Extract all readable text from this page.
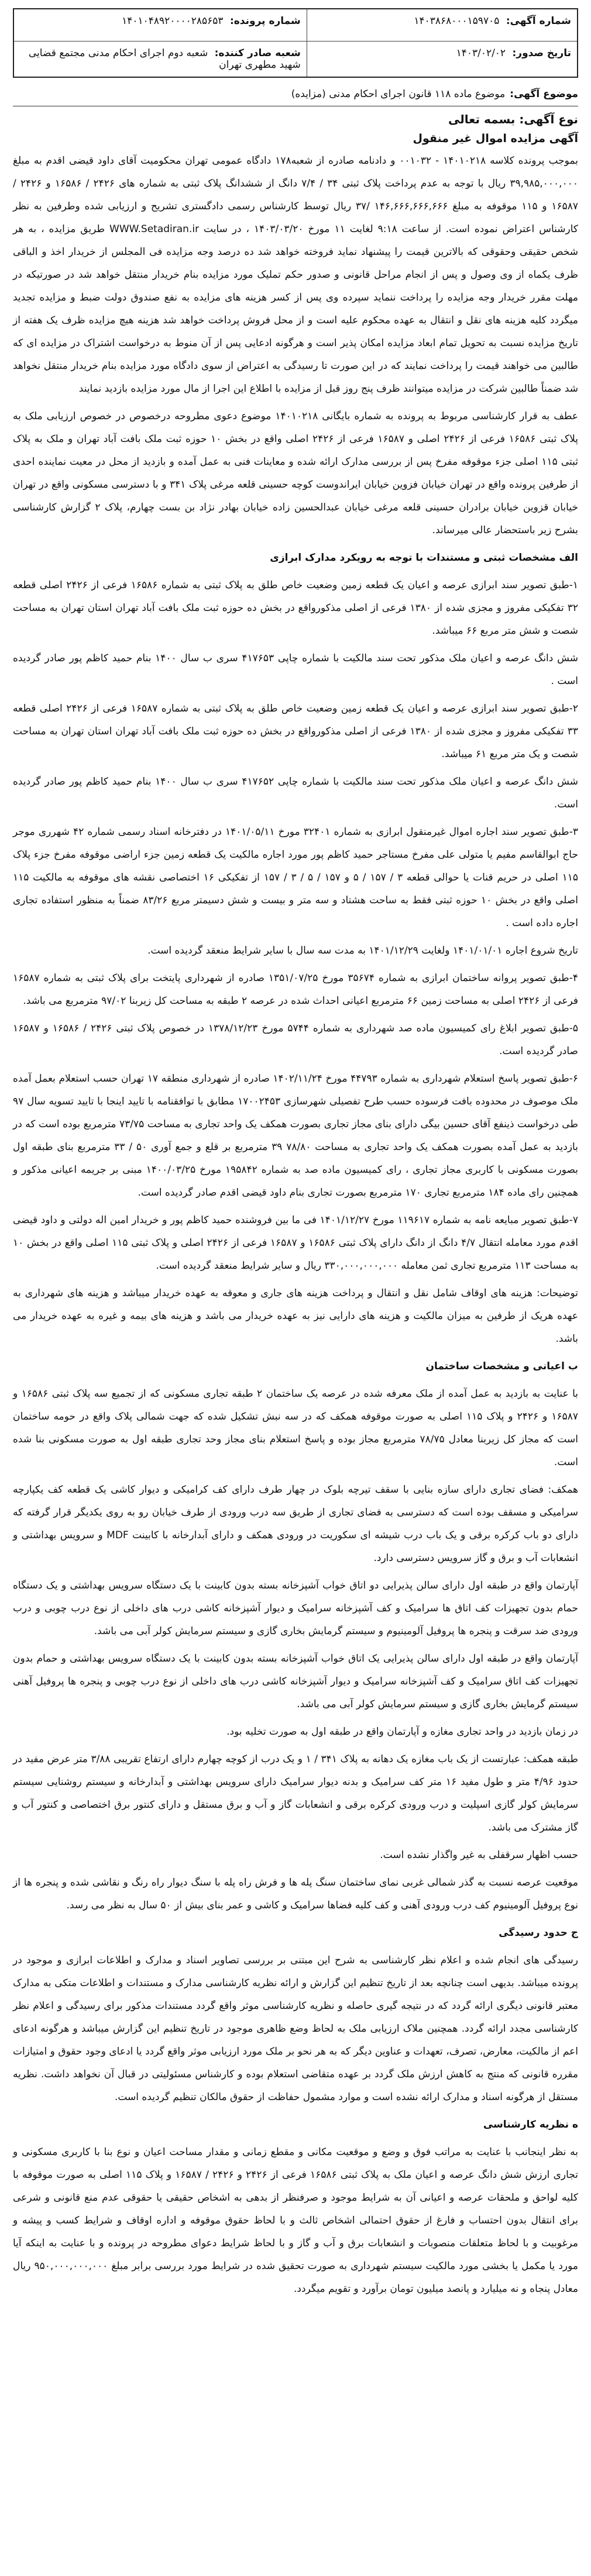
شماره آگهی: ۱۴۰۳۸۶۸۰۰۰۱۵۹۷۰۵	شماره پرونده: ۱۴۰۱۰۴۸۹۲۰۰۰۰۲۸۵۶۵۳
تاریخ صدور: ۱۴۰۳/۰۲/۰۲	شعبه صادر کننده: شعبه دوم اجرای احکام مدنی مجتمع قضایی شهید مطهری تهران
موضوع آگهی:
موضوع ماده ۱۱۸ قانون اجرای احکام مدنی (مزایده)
نوع آگهی: بسمه تعالی
آگهی مزایده اموال غیر منقول

بموجب پرونده کلاسه ۱۴۰۱۰۲۱۸ - ۰۰۱۰۳۲ و دادنامه صادره از شعبه۱۷۸ دادگاه عمومی تهران محکومیت آقای داود قیضی اقدم به مبلغ ۳۹,۹۸۵,۰۰۰,۰۰۰ ریال با توجه به عدم پرداخت پلاک ثبتی ۳۴ / ۷/۴ دانگ از ششدانگ پلاک ثبتی به شماره های ۲۴۲۶ / ۱۶۵۸۶ و ۲۴۲۶ / ۱۶۵۸۷ و ۱۱۵ موقوفه به مبلغ ۱۴۶,۶۶۶,۶۶۶,۶۶۶ /۳۷ ریال توسط کارشناس رسمی دادگستری تشریح و ارزیابی شده وطرفین به نظر کارشناس اعتراض نموده است. از ساعت ۹:۱۸ لغایت ۱۱ مورخ ۱۴۰۳/۰۳/۲۰ ، در سایت WWW.Setadiran.ir طریق مزایده ، به هر شخص حقیقی وحقوقی که بالاترین قیمت را پیشنهاد نماید فروخته خواهد شد ده درصد وجه مزایده فی المجلس از خریدار اخذ و الباقی ظرف یکماه از وی وصول و پس از انجام مراحل قانونی و صدور حکم تملیک مورد مزایده بنام خریدار منتقل خواهد شد در صورتیکه در مهلت مقرر خریدار وجه مزایده را پرداخت ننماید سپرده وی پس از کسر هزینه های مزایده به نفع صندوق دولت ضبط و مزایده تجدید میگردد کلیه هزینه های نقل و انتقال به عهده محکوم علیه است و از محل فروش پرداخت خواهد شد هزینه هیچ مزایده ظرف یک هفته از تاریخ مزایده نسبت به تحویل تمام ابعاد مزایده امکان پذیر است و هرگونه ادعایی پس از آن منوط به درخواست اشتراک در مزایده ای که طالبین می خواهند قیمت را پرداخت نمایند که در این صورت تا رسیدگی به اعتراض از سوی دادگاه مورد مزایده بنام خریدار منتقل نخواهد شد ضمناً طالبین شرکت در مزایده میتوانند ظرف پنج روز قبل از مزایده با اطلاع این اجرا از مال مورد مزایده بازدید نمایند

عطف به قرار کارشناسی مربوط به پرونده به شماره بایگانی ۱۴۰۱۰۲۱۸ موضوع دعوی مطروحه درخصوص در خصوص ارزیابی ملک به پلاک ثبتی ۱۶۵۸۶ فرعی از ۲۴۲۶ اصلی و ۱۶۵۸۷ فرعی از ۲۴۲۶ اصلی واقع در بخش ۱۰ حوزه ثبت ملک بافت آباد تهران و ملک به پلاک ثبتی ۱۱۵ اصلی جزء موقوفه مفرخ پس از بررسی مدارک ارائه شده و معاینات فنی به عمل آمده و بازدید از محل در معیت نماینده احدی از طرفین پرونده واقع در تهران خیابان فزوین خیابان ایراندوست کوچه حسینی قلعه مرغی پلاک ۳۴۱ و با دسترسی مسکونی واقع در تهران خیابان قزوین خیابان برادران حسینی قلعه مرغی خیابان عبدالحسین زاده خیابان بهادر نژاد بن بست چهارم، پلاک ۲ گزارش کارشناسی بشرح زیر باستحضار عالی میرساند.

الف مشخصات ثبتی و مستندات با توجه به رویکرد مدارک ابرازی

۱-طبق تصویر سند ابرازی عرصه و اعیان یک قطعه زمین وضعیت خاص طلق به پلاک ثبتی به شماره ۱۶۵۸۶ فرعی از ۲۴۲۶ اصلی قطعه ۳۲ تفکیکی مفروز و مجزی شده از ۱۳۸۰ فرعی از اصلی مذکورواقع در بخش ده حوزه ثبت ملک بافت آباد تهران استان تهران به مساحت شصت و شش متر مربع ۶۶ میباشد.

شش دانگ عرصه و اعیان ملک مذکور تحت سند مالکیت با شماره چاپی ۴۱۷۶۵۳ سری ب سال ۱۴۰۰ بنام حمید کاظم پور صادر گردیده است .

۲-طبق تصویر سند ابرازی عرصه و اعیان یک قطعه زمین وضعیت خاص طلق به پلاک ثبتی به شماره ۱۶۵۸۷ فرعی از ۲۴۲۶ اصلی قطعه ۳۳ تفکیکی مفروز و مجزی شده از ۱۳۸۰ فرعی از اصلی مذکورواقع در بخش ده حوزه ثبت ملک بافت آباد تهران استان تهران به مساحت شصت و یک متر مربع ۶۱ میباشد.

شش دانگ عرصه و اعیان ملک مذکور تحت سند مالکیت با شماره چاپی ۴۱۷۶۵۲ سری ب سال ۱۴۰۰ بنام حمید کاظم پور صادر گردیده است.

۳-طبق تصویر سند اجاره اموال غیرمنقول ابرازی به شماره ۳۲۴۰۱ مورخ ۱۴۰۱/۰۵/۱۱ در دفترخانه اسناد رسمی شماره ۴۲ شهرری موجر حاج ابوالقاسم مفیم یا متولی علی مفرخ مستاجر حمید کاظم پور مورد اجاره مالکیت یک قطعه زمین جزء اراضی موقوفه مفرخ جزء پلاک ۱۱۵ اصلی در حریم قنات یا حوالی قطعه ۳ / ۱۵۷ / ۵ و ۱۵۷ / ۵ / ۳ / ۱۵۷ از تفکیکی ۱۶ اختصاصی نقشه های موقوفه به مالکیت ۱۱۵ اصلی واقع در بخش ۱۰ حوزه ثبتی فقط به ساحت هشتاد و سه متر و بیست و شش دسیمتر مربع ۸۳/۲۶ ضمناً به منظور استفاده تجاری اجاره داده است .

تاریخ شروع اجاره ۱۴۰۱/۰۱/۰۱ ولغایت ۱۴۰۱/۱۲/۲۹ به مدت سه سال با سایر شرایط منعقد گردیده است.

۴-طبق تصویر پروانه ساختمان ابرازی به شماره ۳۵۶۷۴ مورخ ۱۳۵۱/۰۷/۲۵ صادره از شهرداری پایتخت برای پلاک ثبتی به شماره ۱۶۵۸۷ فرعی از ۲۴۲۶ اصلی به مساحت زمین ۶۶ مترمربع اعیانی احداث شده در عرصه ۲ طبقه به مساحت کل زیربنا ۹۷/۰۲ مترمربع می باشد.

۵-طبق تصویر ابلاغ رای کمیسیون ماده صد شهرداری به شماره ۵۷۴۴ مورخ ۱۳۷۸/۱۲/۲۳ در خصوص پلاک ثبتی ۲۴۲۶ / ۱۶۵۸۶ و ۱۶۵۸۷ صادر گردیده است.

۶-طبق تصویر پاسخ استعلام شهرداری به شماره ۴۴۷۹۳ مورخ ۱۴۰۲/۱۱/۲۴ صادره از شهرداری منطقه ۱۷ تهران حسب استعلام بعمل آمده ملک موصوف در محدوده بافت فرسوده حسب طرح تفصیلی شهرسازی ۱۷۰۰۲۴۵۳ مطابق با توافقنامه با تایید اینجا با تایید تسویه سال ۹۷ طی درخواست ذینفع آقای حسین بیگی دارای بنای مجاز تجاری بصورت همکف یک واحد تجاری به مساحت ۷۳/۷۵ مترمربع بوده است که در بازدید به عمل آمده بصورت همکف یک واحد تجاری به مساحت ۷۸/۸۰ ۳۹ مترمربع بر قلع و جمع آوری ۵۰ / ۳۳ مترمربع بنای طبقه اول بصورت مسکونی با کاربری مجاز تجاری ، رای کمیسیون ماده صد به شماره ۱۹۵۸۴۲ مورخ ۱۴۰۰/۰۳/۲۵ مبنی بر جریمه اعیانی مذکور و همچنین رای ماده ۱۸۴ مترمربع تجاری ۱۷۰ مترمربع بصورت تجاری بنام داود قیضی اقدم صادر گردیده است.

۷-طبق تصویر مبایعه نامه به شماره ۱۱۹۶۱۷ مورخ ۱۴۰۱/۱۲/۲۷ فی ما بین فروشنده حمید کاظم پور و خریدار امین اله دولتی و داود قیضی اقدم مورد معامله انتقال ۴/۷ دانگ از دانگ دارای پلاک ثبتی ۱۶۵۸۶ و ۱۶۵۸۷ فرعی از ۲۴۲۶ اصلی و پلاک ثبتی ۱۱۵ اصلی واقع در بخش ۱۰ به مساحت ۱۱۳ مترمربع تجاری ثمن معامله ۳۳۰,۰۰۰,۰۰۰,۰۰۰ ریال و سایر شرایط منعقد گردیده است.

توضیحات: هزینه های اوقاف شامل نقل و انتقال و پرداخت هزینه های جاری و معوقه به عهده خریدار میباشد و هزینه های شهرداری به عهده هریک از طرفین به میزان مالکیت و هزینه های دارایی نیز به عهده خریدار می باشد و هزینه های بیمه و غیره به عهده خریدار می باشد.

ب اعیانی و مشخصات ساختمان

با عنایت به بازدید به عمل آمده از ملک معرفه شده در عرصه یک ساختمان ۲ طبقه تجاری مسکونی که از تجمیع سه پلاک ثبتی ۱۶۵۸۶ و ۱۶۵۸۷ و ۲۴۲۶ و پلاک ۱۱۵ اصلی به صورت موقوفه همکف که در سه نبش تشکیل شده که جهت شمالی پلاک واقع در حومه ساختمان است که مجاز کل زیربنا معادل ۷۸/۷۵ مترمربع مجاز بوده و پاسخ استعلام بنای مجاز وحد تجاری طبقه اول به صورت مسکونی بنا شده است.

همکف: فضای تجاری دارای سازه بنایی با سقف تیرچه بلوک در چهار طرف دارای کف کرامیکی و دیوار کاشی یک قطعه کف یکپارچه سرامیکی و مسقف بوده است که دسترسی به فضای تجاری از طریق سه درب ورودی از طرف خیابان رو به روی یکدیگر قرار گرفته که دارای دو باب کرکره برقی و یک باب درب شیشه ای سکوریت در ورودی همکف و دارای آبدارخانه با کابینت MDF و سرویس بهداشتی و انشعابات آب و برق و گاز سرویس دسترسی دارد.

آپارتمان واقع در طبقه اول دارای سالن پذیرایی دو اتاق خواب آشپزخانه بسته بدون کابینت با یک دستگاه سرویس بهداشتی و یک دستگاه حمام بدون تجهیزات کف اتاق ها سرامیک و کف آشپزخانه سرامیک و دیوار آشپزخانه کاشی درب های داخلی از نوع درب چوبی و درب ورودی ضد سرقت و پنجره ها پروفیل آلومینیوم و سیستم گرمایش بخاری گازی و سیستم سرمایش کولر آبی می باشد.

آپارتمان واقع در طبقه اول دارای سالن پذیرایی یک اتاق خواب آشپزخانه بسته بدون کابینت با یک دستگاه سرویس بهداشتی و حمام بدون تجهیزات کف اتاق سرامیک و کف آشپزخانه سرامیک و دیوار آشپزخانه کاشی درب های داخلی از نوع درب چوبی و پنجره ها پروفیل آهنی سیستم گرمایش بخاری گازی و سیستم سرمایش کولر آبی می باشد.

در زمان بازدید در واحد تجاری مغازه و آپارتمان واقع در طبقه اول به صورت تخلیه بود.

طبقه همکف: عبارتست از یک باب مغازه یک دهانه به پلاک ۳۴۱ / ۱ و یک درب از کوچه چهارم دارای ارتفاع تقریبی ۳/۸۸ متر عرض مفید در حدود ۴/۹۶ متر و طول مفید ۱۶ متر کف سرامیک و بدنه دیوار سرامیک دارای سرویس بهداشتی و آبدارخانه و سیستم روشنایی سیستم سرمایش کولر گازی اسپلیت و درب ورودی کرکره برقی و انشعابات گاز و آب و برق مستقل و دارای کنتور برق اختصاصی و کنتور آب و گاز مشترک می باشد.

حسب اظهار سرقفلی به غیر واگذار نشده است.

موقعیت عرصه نسبت به گذر شمالی غربی نمای ساختمان سنگ پله ها و فرش راه پله با سنگ دیوار راه رنگ و نقاشی شده و پنجره ها از نوع پروفیل آلومینیوم کف درب ورودی آهنی و کف کلیه فضاها سرامیک و کاشی و عمر بنای بیش از ۵۰ سال به نظر می رسد.

ج حدود رسیدگی

رسیدگی های انجام شده و اعلام نظر کارشناسی به شرح این مبتنی بر بررسی تصاویر اسناد و مدارک و اطلاعات ابرازی و موجود در پرونده میباشد. بدیهی است چنانچه بعد از تاریخ تنظیم این گزارش و ارائه نظریه کارشناسی مدارک و مستندات و اطلاعات متکی به مدارک معتبر قانونی دیگری ارائه گردد که در نتیجه گیری حاصله و نظریه کارشناسی موثر واقع گردد مستندات مذکور برای رسیدگی و اعلام نظر کارشناسی مجدد ارائه گردد. همچنین ملاک ارزیابی ملک به لحاظ وضع ظاهری موجود در تاریخ تنظیم این گزارش میباشد و هرگونه ادعای اعم از مالکیت، معارض، تصرف، تعهدات و عناوین دیگر که به هر نحو بر ملک مورد ارزیابی موثر واقع گردد یا ادعای وجود حقوق و امتیازات مقرره قانونی که منتج به کاهش ارزش ملک گردد بر عهده متقاضی استعلام بوده و کارشناس مسئولیتی در قبال آن نخواهد داشت. نظریه مستقل از هرگونه اسناد و مدارک ارائه نشده است و موارد مشمول حفاظت از حقوق مالکان تنظیم گردیده است.

ه نظریه کارشناسی

به نظر اینجانب با عنایت به مراتب فوق و وضع و موقعیت مکانی و مقطع زمانی و مقدار مساحت اعیان و نوع بنا با کاربری مسکونی و تجاری ارزش شش دانگ عرصه و اعیان ملک به پلاک ثبتی ۱۶۵۸۶ فرعی از ۲۴۲۶ و ۲۴۲۶ / ۱۶۵۸۷ و پلاک ۱۱۵ اصلی به صورت موقوفه با کلیه لواحق و ملحقات عرصه و اعیانی آن به شرایط موجود و صرفنظر از بدهی به اشخاص حقیقی یا حقوقی عدم منع قانونی و شرعی برای انتقال بدون احتساب و فارغ از حقوق احتمالی اشخاص ثالث و با لحاظ حقوق موقوفه و اداره اوقاف و شرایط کسب و پیشه و مرغوبیت و با لحاظ متعلقات منصوبات و انشعابات برق و آب و گاز و با لحاظ شرایط دعوای مطروحه در پرونده و با عنایت به اینکه آیا مورد یا مکمل یا بخشی مورد مالکیت سیستم شهرداری به صورت تحقیق شده در شرایط مورد بررسی برابر مبلغ ۹۵۰,۰۰۰,۰۰۰,۰۰۰ ریال معادل پنجاه و نه میلیارد و پانصد میلیون تومان برآورد و تقویم میگردد.
